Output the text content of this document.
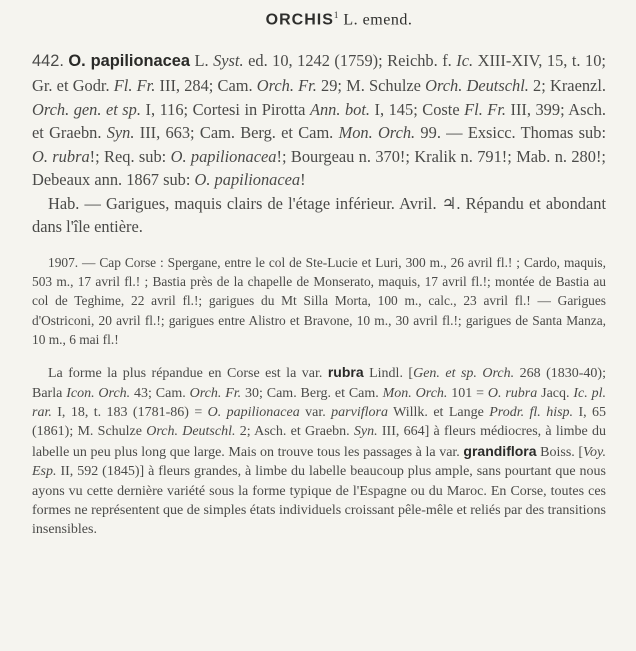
ORCHIS$^1$ L. emend.

442. O. papilionacea L. Syst. ed. 10, 1242 (1759); Reichb. f. Ic. XIII-XIV, 15, t. 10; Gr. et Godr. Fl. Fr. III, 284; Cam. Orch. Fr. 29; M. Schulze Orch. Deutschl. 2; Kraenzl. Orch. gen. et sp. I, 116; Cortesi in Pirotta Ann. bot. I, 145; Coste Fl. Fr. III, 399; Asch. et Graebn. Syn. III, 663; Cam. Berg. et Cam. Mon. Orch. 99. — Exsicc. Thomas sub: O. rubra!; Req. sub: O. papilionacea!; Bourgeau n. 370!; Kralik n. 791!; Mab. n. 280!; Debeaux ann. 1867 sub: O. papilionacea!

Hab. — Garigues, maquis clairs de l'étage inférieur. Avril. ♃. Répandu et abondant dans l'île entière.

1907. — Cap Corse : Spergane, entre le col de Ste-Lucie et Luri, 300 m., 26 avril fl.! ; Cardo, maquis, 503 m., 17 avril fl.! ; Bastia près de la chapelle de Monserato, maquis, 17 avril fl.!; montée de Bastia au col de Teghime, 22 avril fl.!; garigues du Mt Silla Morta, 100 m., calc., 23 avril fl.! — Garigues d'Ostriconi, 20 avril fl.!; garigues entre Alistro et Bravone, 10 m., 30 avril fl.!; garigues de Santa Manza, 10 m., 6 mai fl.!

La forme la plus répandue en Corse est la var. rubra Lindl. [Gen. et sp. Orch. 268 (1830-40); Barla Icon. Orch. 43; Cam. Orch. Fr. 30; Cam. Berg. et Cam. Mon. Orch. 101 = O. rubra Jacq. Ic. pl. rar. I, 18, t. 183 (1781-86) = O. papilionacea var. parviflora Willk. et Lange Prodr. fl. hisp. I, 65 (1861); M. Schulze Orch. Deutschl. 2; Asch. et Graebn. Syn. III, 664] à fleurs médiocres, à limbe du labelle un peu plus long que large. Mais on trouve tous les passages à la var. grandiflora Boiss. [Voy. Esp. II, 592 (1845)] à fleurs grandes, à limbe du labelle beaucoup plus ample, sans pourtant que nous ayons vu cette dernière variété sous la forme typique de l'Espagne ou du Maroc. En Corse, toutes ces formes ne représentent que de simples états individuels croissant pêle-mêle et reliés par des transitions insensibles.
